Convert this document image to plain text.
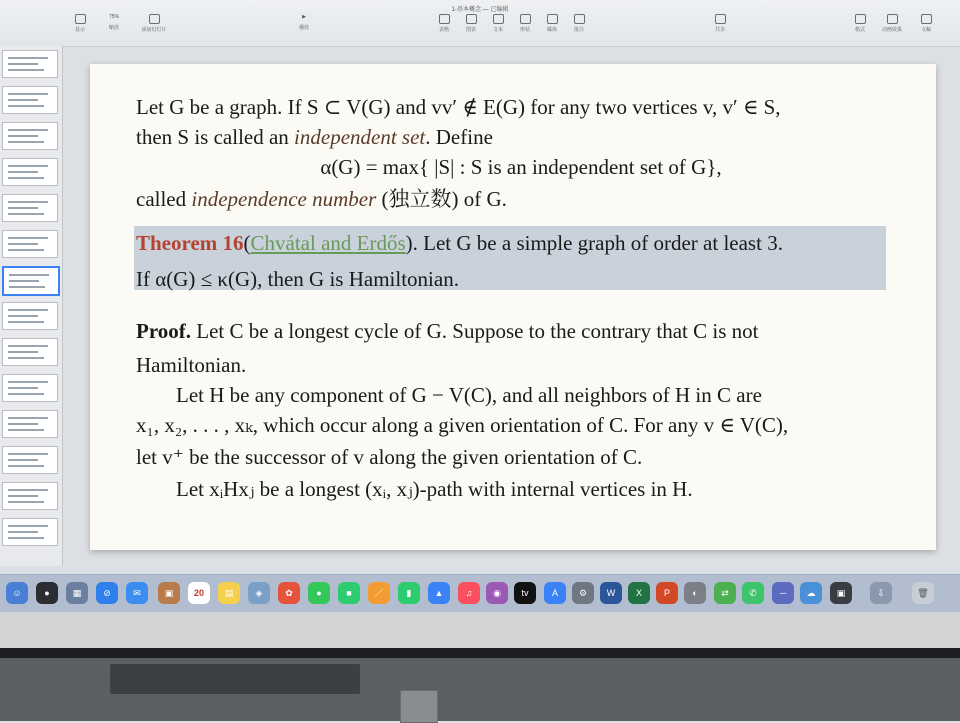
1-基本概念 — 已编辑
显示
75%
缩放	添加幻灯片
▶
播放	表格	图表	文本	形状	媒体	批注	共享	格式	动画效果	文稿

Let G be a graph. If S ⊂ V(G) and vv′ ∉ E(G) for any two vertices v, v′ ∈ S,

then S is called an independent set. Define

α(G) = max{ |S| : S is an independent set of G},

called independence number (独立数) of G.

Theorem 16(Chvátal and Erdős). Let G be a simple graph of order at least 3.

If α(G) ≤ κ(G), then G is Hamiltonian.

Proof. Let C be a longest cycle of G. Suppose to the contrary that C is not

Hamiltonian.

Let H be any component of G − V(C), and all neighbors of H in C are

x₁, x₂, . . . , xₖ, which occur along a given orientation of C. For any v ∈ V(C),

let v⁺ be the successor of v along the given orientation of C.

Let xᵢHxⱼ be a longest (xᵢ, xⱼ)-path with internal vertices in H.

☺	●	▦	⊘	✉	▣	20	▤	◈	✿	●	■	／	▮	▲	♫	◉	tv	A	⚙	W	X	P	◐	⇄	✆	─	☁	▣	⇩	🗑
